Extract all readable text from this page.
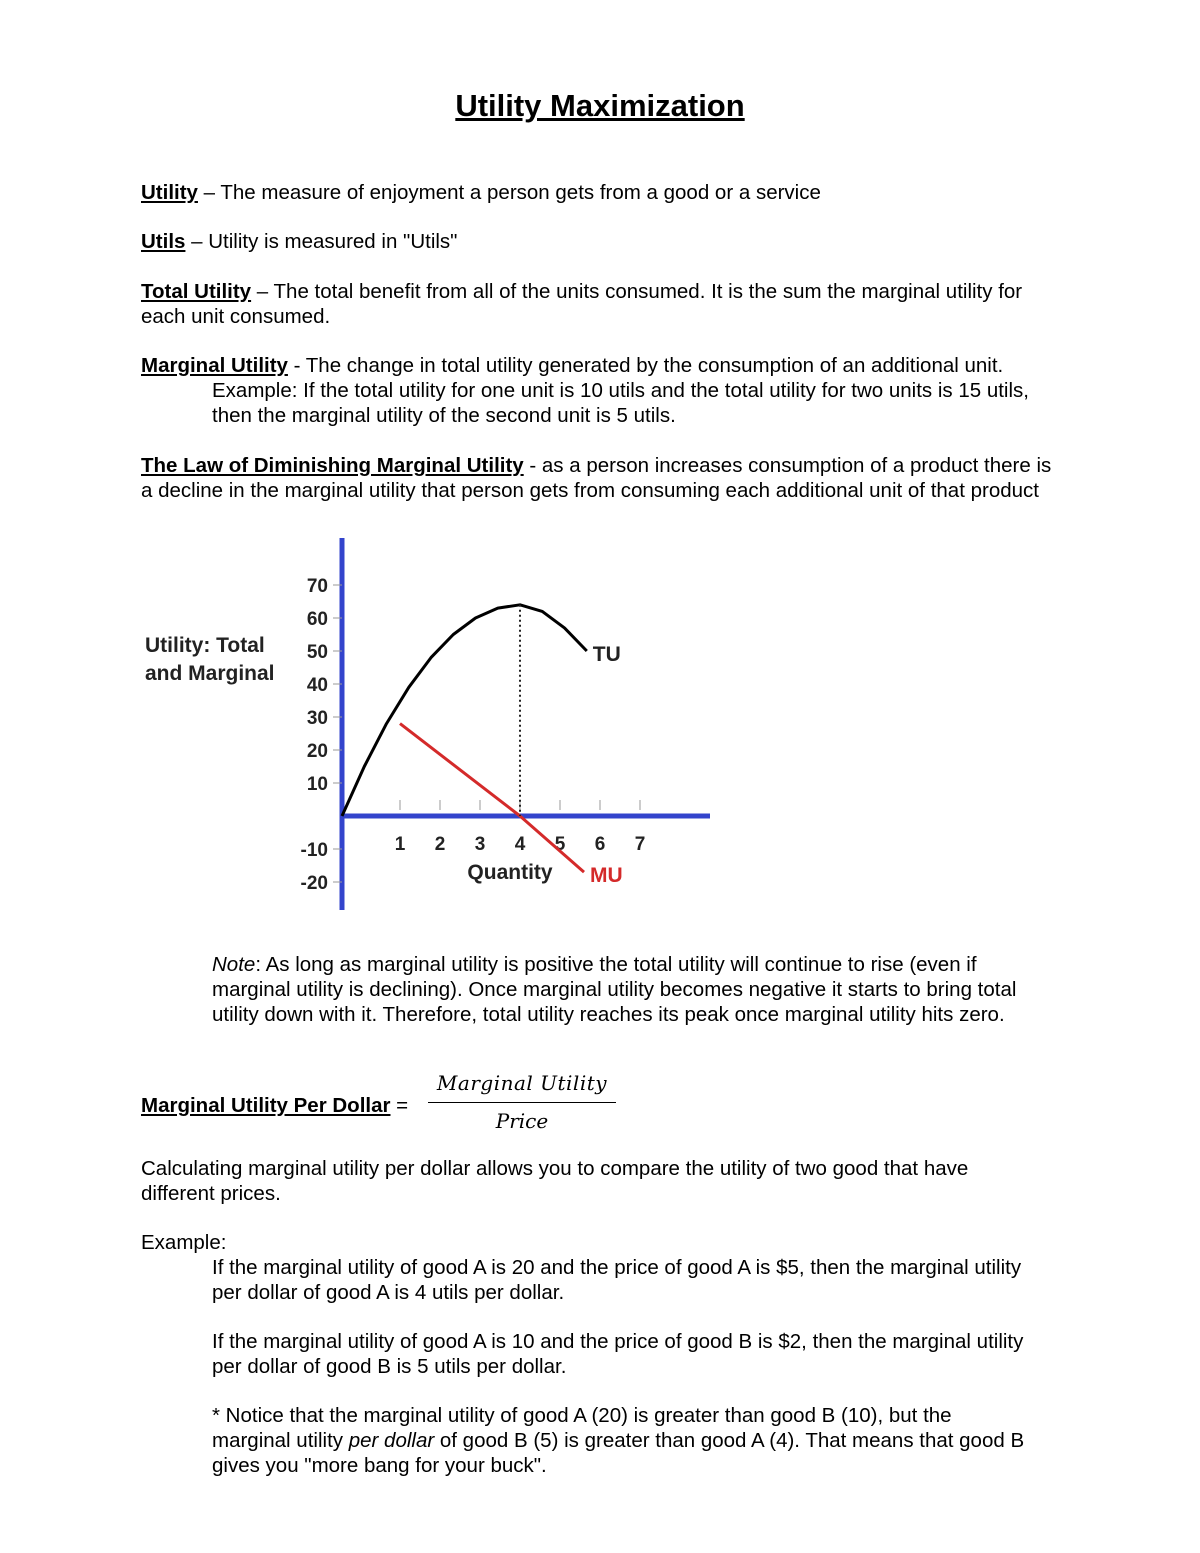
Utility Maximization
Utility – The measure of enjoyment a person gets from a good or a service
Utils – Utility is measured in "Utils"
Total Utility – The total benefit from all of the units consumed. It is the sum the marginal utility for each unit consumed.
Marginal Utility - The change in total utility generated by the consumption of an additional unit.
Example: If the total utility for one unit is 10 utils and the total utility for two units is 15 utils, then the marginal utility of the second unit is 5 utils.
The Law of Diminishing Marginal Utility - as a person increases consumption of a product there is a decline in the marginal utility that person gets from consuming each additional unit of that product
Utility: Total
and Marginal
70
60
50
40
30
20
10
-10
-20
1 2 3 4 5 6 7
Quantity
TU
MU
Note: As long as marginal utility is positive the total utility will continue to rise (even if marginal utility is declining). Once marginal utility becomes negative it starts to bring total utility down with it. Therefore, total utility reaches its peak once marginal utility hits zero.
Marginal Utility Per Dollar =
Marginal Utility
Price
Calculating marginal utility per dollar allows you to compare the utility of two good that have different prices.
Example:
If the marginal utility of good A is 20 and the price of good A is $5, then the marginal utility per dollar of good A is 4 utils per dollar.
If the marginal utility of good A is 10 and the price of good B is $2, then the marginal utility per dollar of good B is 5 utils per dollar.
* Notice that the marginal utility of good A (20) is greater than good B (10), but the marginal utility per dollar of good B (5) is greater than good A (4). That means that good B gives you "more bang for your buck".
